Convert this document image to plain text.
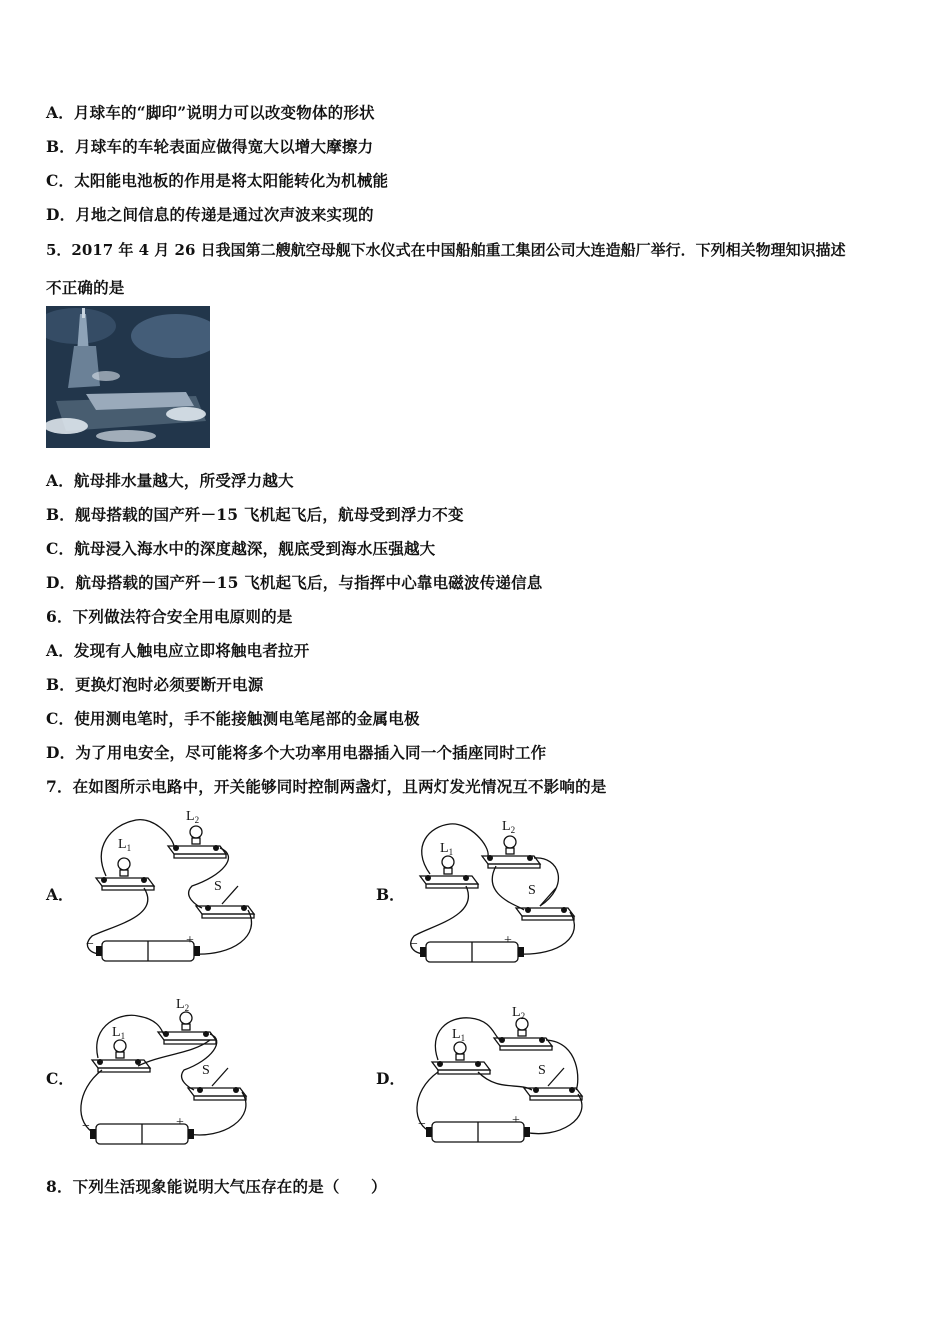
A．月球车的“脚印”说明力可以改变物体的形状
B．月球车的车轮表面应做得宽大以增大摩擦力
C．太阳能电池板的作用是将太阳能转化为机械能
D．月地之间信息的传递是通过次声波来实现的
5．2017 年 4 月 26 日我国第二艘航空母舰下水仪式在中国船舶重工集团公司大连造船厂举行．下列相关物理知识描述
不正确的是
A．航母排水量越大，所受浮力越大
B．舰母搭载的国产歼－15 飞机起飞后，航母受到浮力不变
C．航母浸入海水中的深度越深，舰底受到海水压强越大
D．航母搭载的国产歼－15 飞机起飞后，与指挥中心靠电磁波传递信息
6．下列做法符合安全用电原则的是
A．发现有人触电应立即将触电者拉开
B．更换灯泡时必须要断开电源
C．使用测电笔时，手不能接触测电笔尾部的金属电极
D．为了用电安全，尽可能将多个大功率用电器插入同一个插座同时工作
7．在如图所示电路中，开关能够同时控制两盏灯，且两灯发光情况互不影响的是
A．	B．
C．	D．
$L_1$
$L_2$
S
−	+
$L_1$
$L_2$
S
−	+
$L_1$
$L_2$
S
−	+
$L_1$
$L_2$
S
−	+
8．下列生活现象能说明大气压存在的是（　　）
